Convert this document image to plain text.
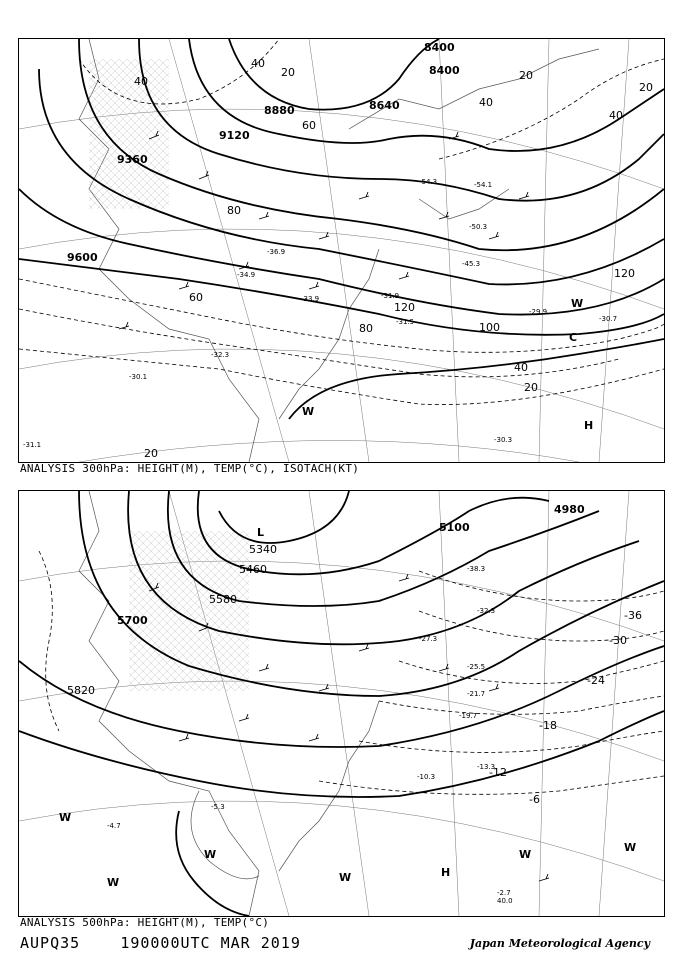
8400
8400
8640
8880
9120
9360
9600
20
40
60
80	100
120
20
40
60
40
20
40
20
20
40
80
120
H
W
W
C
-30.3
-31.9
-31.5
-34.9
-36.9
-45.3
-50.3
-54.1
-54.3
-29.9
-30.7
-32.3
-33.9
-30.1
-31.1
ANALYSIS 300hPa: HEIGHT(M), TEMP(°C), ISOTACH(KT)
4980
5100
5340
5460
5580
5700
5820
-36
-30
-24
-18
-12
-6
H
L
W
W
W
W
W
W
-2.7
40.0
-13.3
-10.3
-21.7
-25.5
-32.3
-38.3
-5.3
-4.7
-19.7
-27.3
ANALYSIS 500hPa: HEIGHT(M), TEMP(°C)
AUPQ35	190000UTC MAR 2019	Japan Meteorological Agency
